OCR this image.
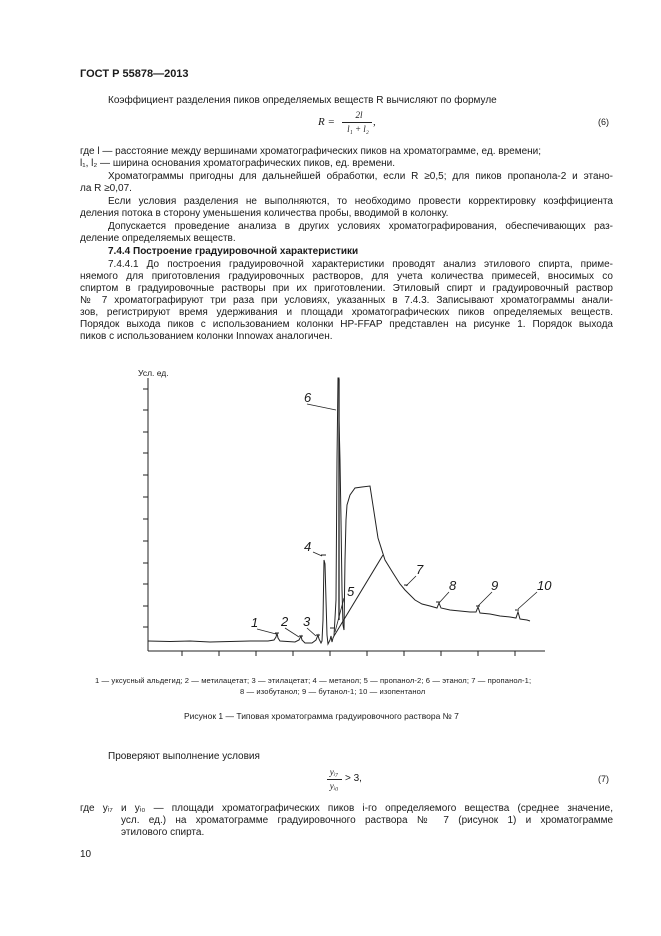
ГОСТ Р 55878—2013
Коэффициент разделения пиков определяемых веществ R вычисляют по формуле
R =
2l
l₁ + l₂
,	(6)
где l — расстояние между вершинами хроматографических пиков на хроматограмме, ед. времени;
l₁, l₂ — ширина основания хроматографических пиков, ед. времени.
Хроматограммы пригодны для дальнейшей обработки, если R ≥0,5; для пиков пропанола-2 и этано-
ла R ≥0,07.
Если условия разделения не выполняются, то необходимо провести корректировку коэффициента
деления потока в сторону уменьшения количества пробы, вводимой в колонку.
Допускается проведение анализа в других условиях хроматографирования, обеспечивающих раз-
деление определяемых веществ.
7.4.4 Построение градуировочной характеристики
7.4.4.1 До построения градуировочной характеристики проводят анализ этилового спирта, приме-
няемого для приготовления градуировочных растворов, для учета количества примесей, вносимых со
спиртом в градуировочные растворы при их приготовлении. Этиловый спирт и градуировочный раствор
№ 7 хроматографируют три раза при условиях, указанных в 7.4.3. Записывают хроматограммы анали-
зов, регистрируют время удерживания и площади хроматографических пиков определяемых веществ.
Порядок выхода пиков с использованием колонки HP-FFAP представлен на рисунке 1. Порядок выхода
пиков с использованием колонки Innowax аналогичен.
1 2 3
4
5
6
7
8	9	10
Усл. ед.
1 — уксусный альдегид; 2 — метилацетат; 3 — этилацетат; 4 — метанол; 5 — пропанол-2; 6 — этанол; 7 — пропанол-1;
8 — изобутанол; 9 — бутанол-1; 10 — изопентанол
Рисунок 1 — Типовая хроматограмма градуировочного раствора № 7
Проверяют выполнение условия
yᵢ₇
yᵢ₀
> 3,	(7)
где yᵢ₇ и yᵢ₀ — площади хроматографических пиков i-го определяемого вещества (среднее значение,
усл. ед.) на хроматограмме градуировочного раствора № 7 (рисунок 1) и хроматограмме
этилового спирта.
10
